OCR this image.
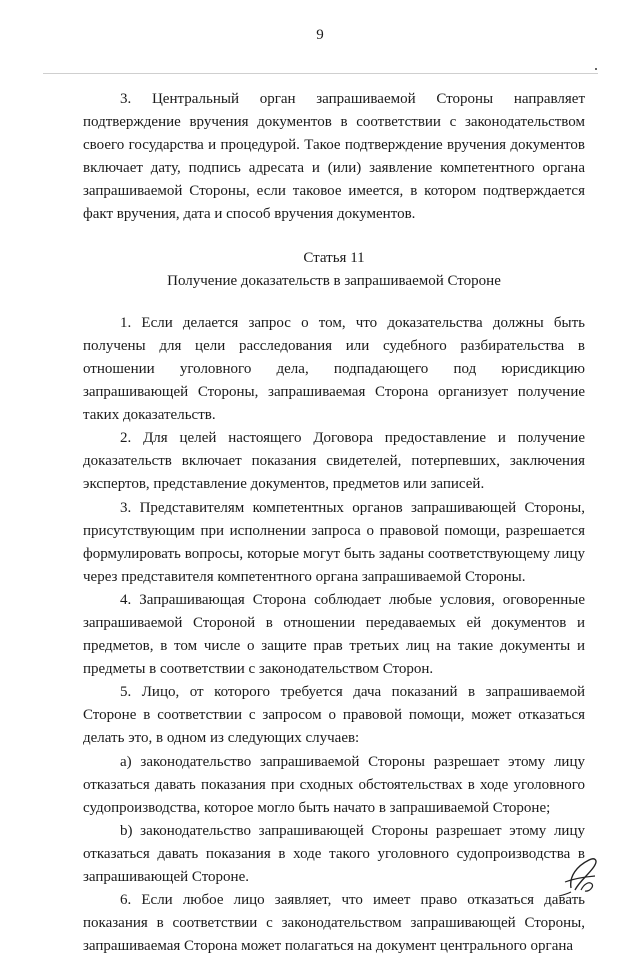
9

3. Центральный орган запрашиваемой Стороны направляет подтверждение вручения документов в соответствии с законодательством своего государства и процедурой. Такое подтверждение вручения документов включает дату, подпись адресата и (или) заявление компетентного органа запрашиваемой Стороны, если таковое имеется, в котором подтверждается факт вручения, дата и способ вручения документов.

Статья 11
Получение доказательств в запрашиваемой Стороне

1. Если делается запрос о том, что доказательства должны быть получены для цели расследования или судебного разбирательства в отношении уголовного дела, подпадающего под юрисдикцию запрашивающей Стороны, запрашиваемая Сторона организует получение таких доказательств.

2. Для целей настоящего Договора предоставление и получение доказательств включает показания свидетелей, потерпевших, заключения экспертов, представление документов, предметов или записей.

3. Представителям компетентных органов запрашивающей Стороны, присутствующим при исполнении запроса о правовой помощи, разрешается формулировать вопросы, которые могут быть заданы соответствующему лицу через представителя компетентного органа запрашиваемой Стороны.

4. Запрашивающая Сторона соблюдает любые условия, оговоренные запрашиваемой Стороной в отношении передаваемых ей документов и предметов, в том числе о защите прав третьих лиц на такие документы и предметы в соответствии с законодательством Сторон.

5. Лицо, от которого требуется дача показаний в запрашиваемой Стороне в соответствии с запросом о правовой помощи, может отказаться делать это, в одном из следующих случаев:

a) законодательство запрашиваемой Стороны разрешает этому лицу отказаться давать показания при сходных обстоятельствах в ходе уголовного судопроизводства, которое могло быть начато в запрашиваемой Стороне;

b) законодательство запрашивающей Стороны разрешает этому лицу отказаться давать показания в ходе такого уголовного судопроизводства в запрашивающей Стороне.

6. Если любое лицо заявляет, что имеет право отказаться давать показания в соответствии с законодательством запрашивающей Стороны, запрашиваемая Сторона может полагаться на документ центрального органа
